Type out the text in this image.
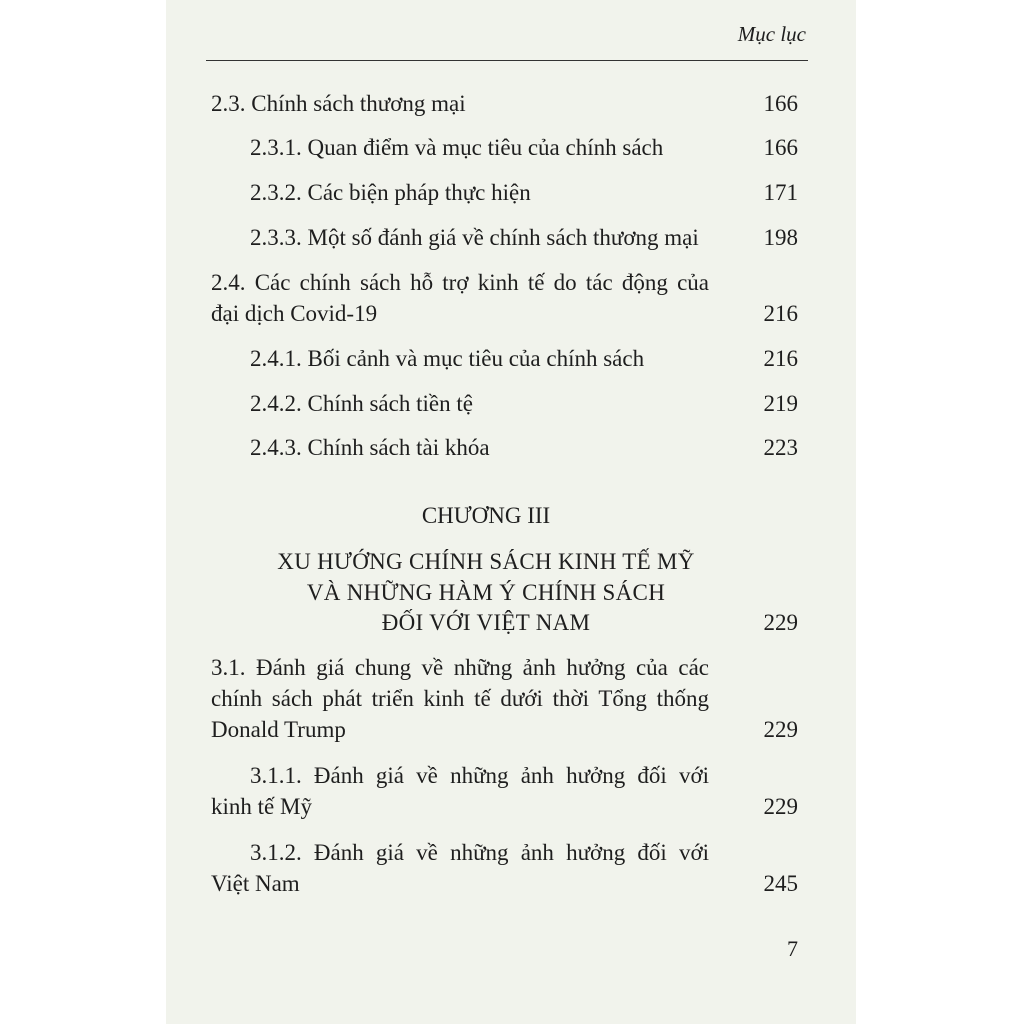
Mục lục
2.3. Chính sách thương mại	166
2.3.1. Quan điểm và mục tiêu của chính sách	166
2.3.2. Các biện pháp thực hiện	171
2.3.3. Một số đánh giá về chính sách thương mại	198
2.4. Các chính sách hỗ trợ kinh tế do tác động của
đại dịch Covid-19	216
2.4.1. Bối cảnh và mục tiêu của chính sách	216
2.4.2. Chính sách tiền tệ	219
2.4.3. Chính sách tài khóa	223
CHƯƠNG III
XU HƯỚNG CHÍNH SÁCH KINH TẾ MỸ
VÀ NHỮNG HÀM Ý CHÍNH SÁCH
ĐỐI VỚI VIỆT NAM	229
3.1. Đánh giá chung về những ảnh hưởng của các
chính sách phát triển kinh tế dưới thời Tổng thống
Donald Trump	229
3.1.1. Đánh giá về những ảnh hưởng đối với
kinh tế Mỹ	229
3.1.2. Đánh giá về những ảnh hưởng đối với
Việt Nam	245
7
